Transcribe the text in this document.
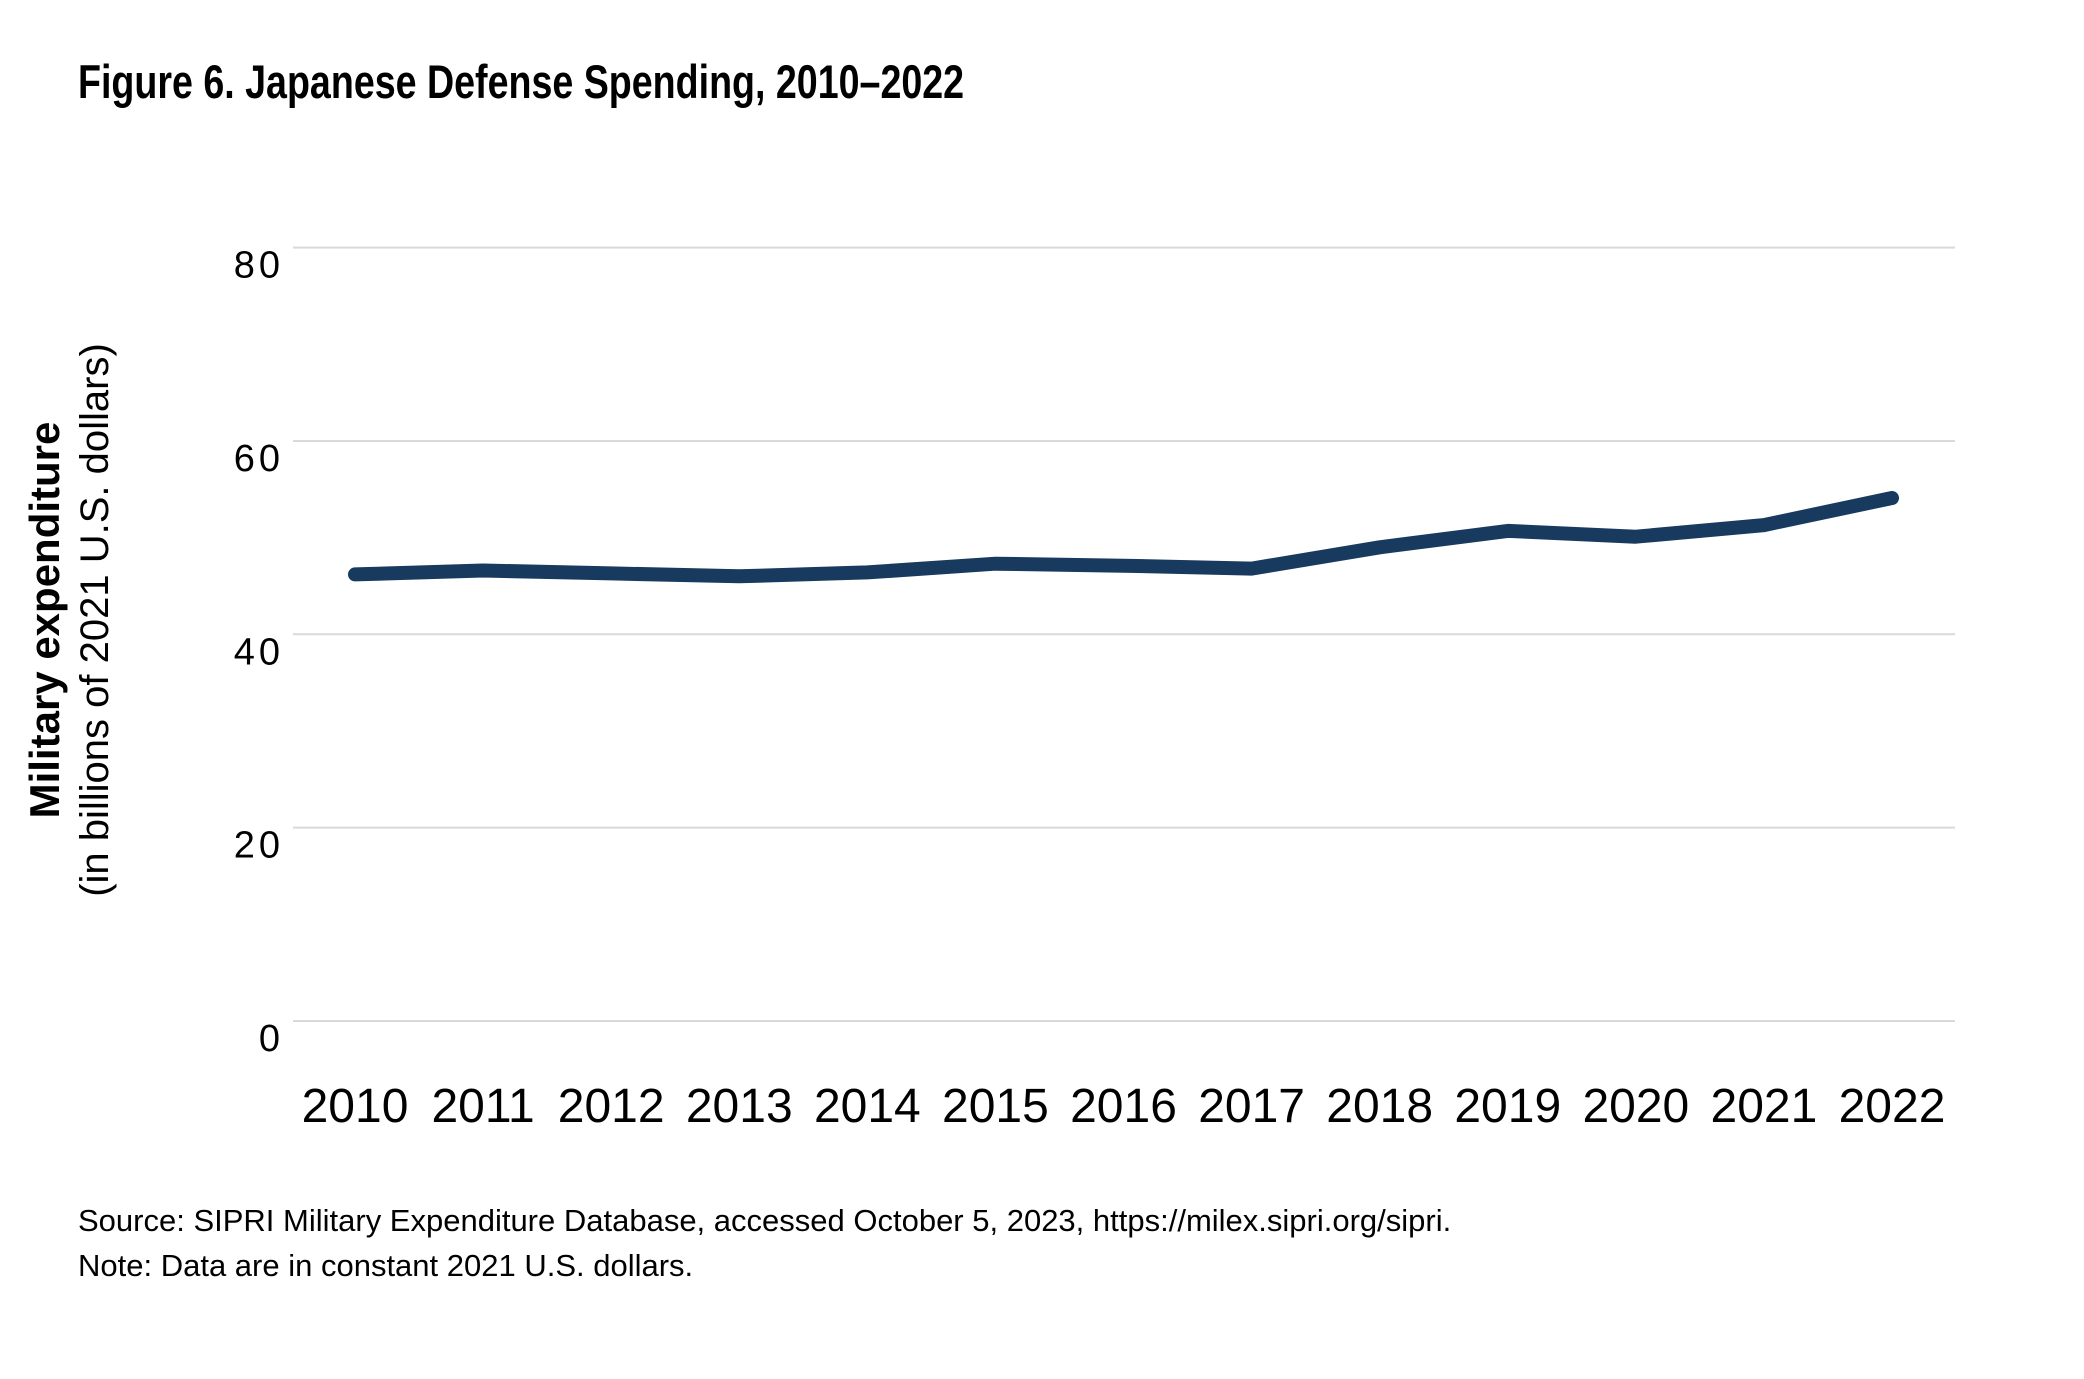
Figure 6. Japanese Defense Spending, 2010–2022
0
20
40
60
80
2010 2011 2012 2013 2014 2015 2016 2017 2018 2019 2020 2021 2022
Military expenditure (in billions of 2021 U.S. dollars)
Source: SIPRI Military Expenditure Database, accessed October 5, 2023, https://milex.sipri.org/sipri.
Note: Data are in constant 2021 U.S. dollars.
